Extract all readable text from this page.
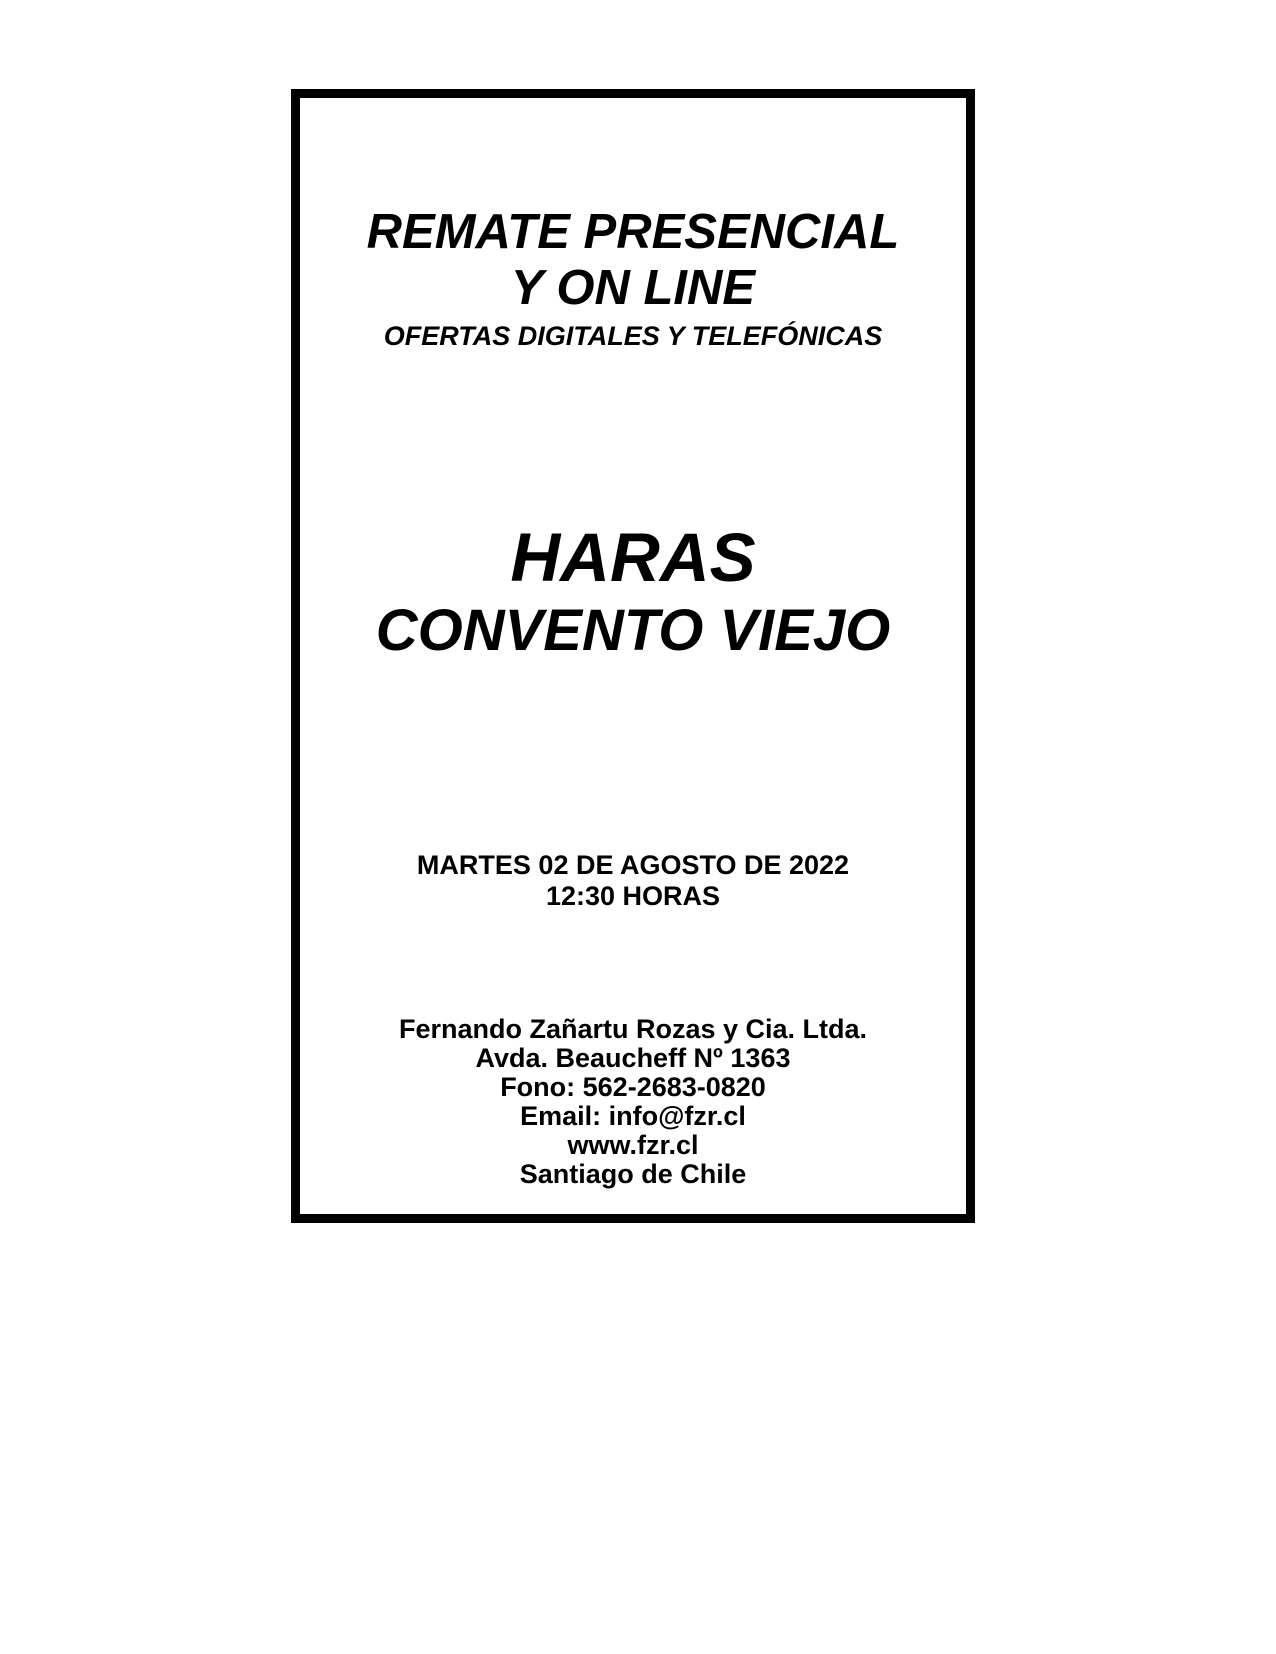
REMATE PRESENCIAL
Y ON LINE
OFERTAS DIGITALES Y TELEFÓNICAS
HARAS
CONVENTO VIEJO
MARTES 02 DE AGOSTO DE 2022
12:30 HORAS
Fernando Zañartu Rozas y Cia. Ltda.
Avda. Beaucheff Nº 1363
Fono: 562-2683-0820
Email: info@fzr.cl
www.fzr.cl
Santiago de Chile
